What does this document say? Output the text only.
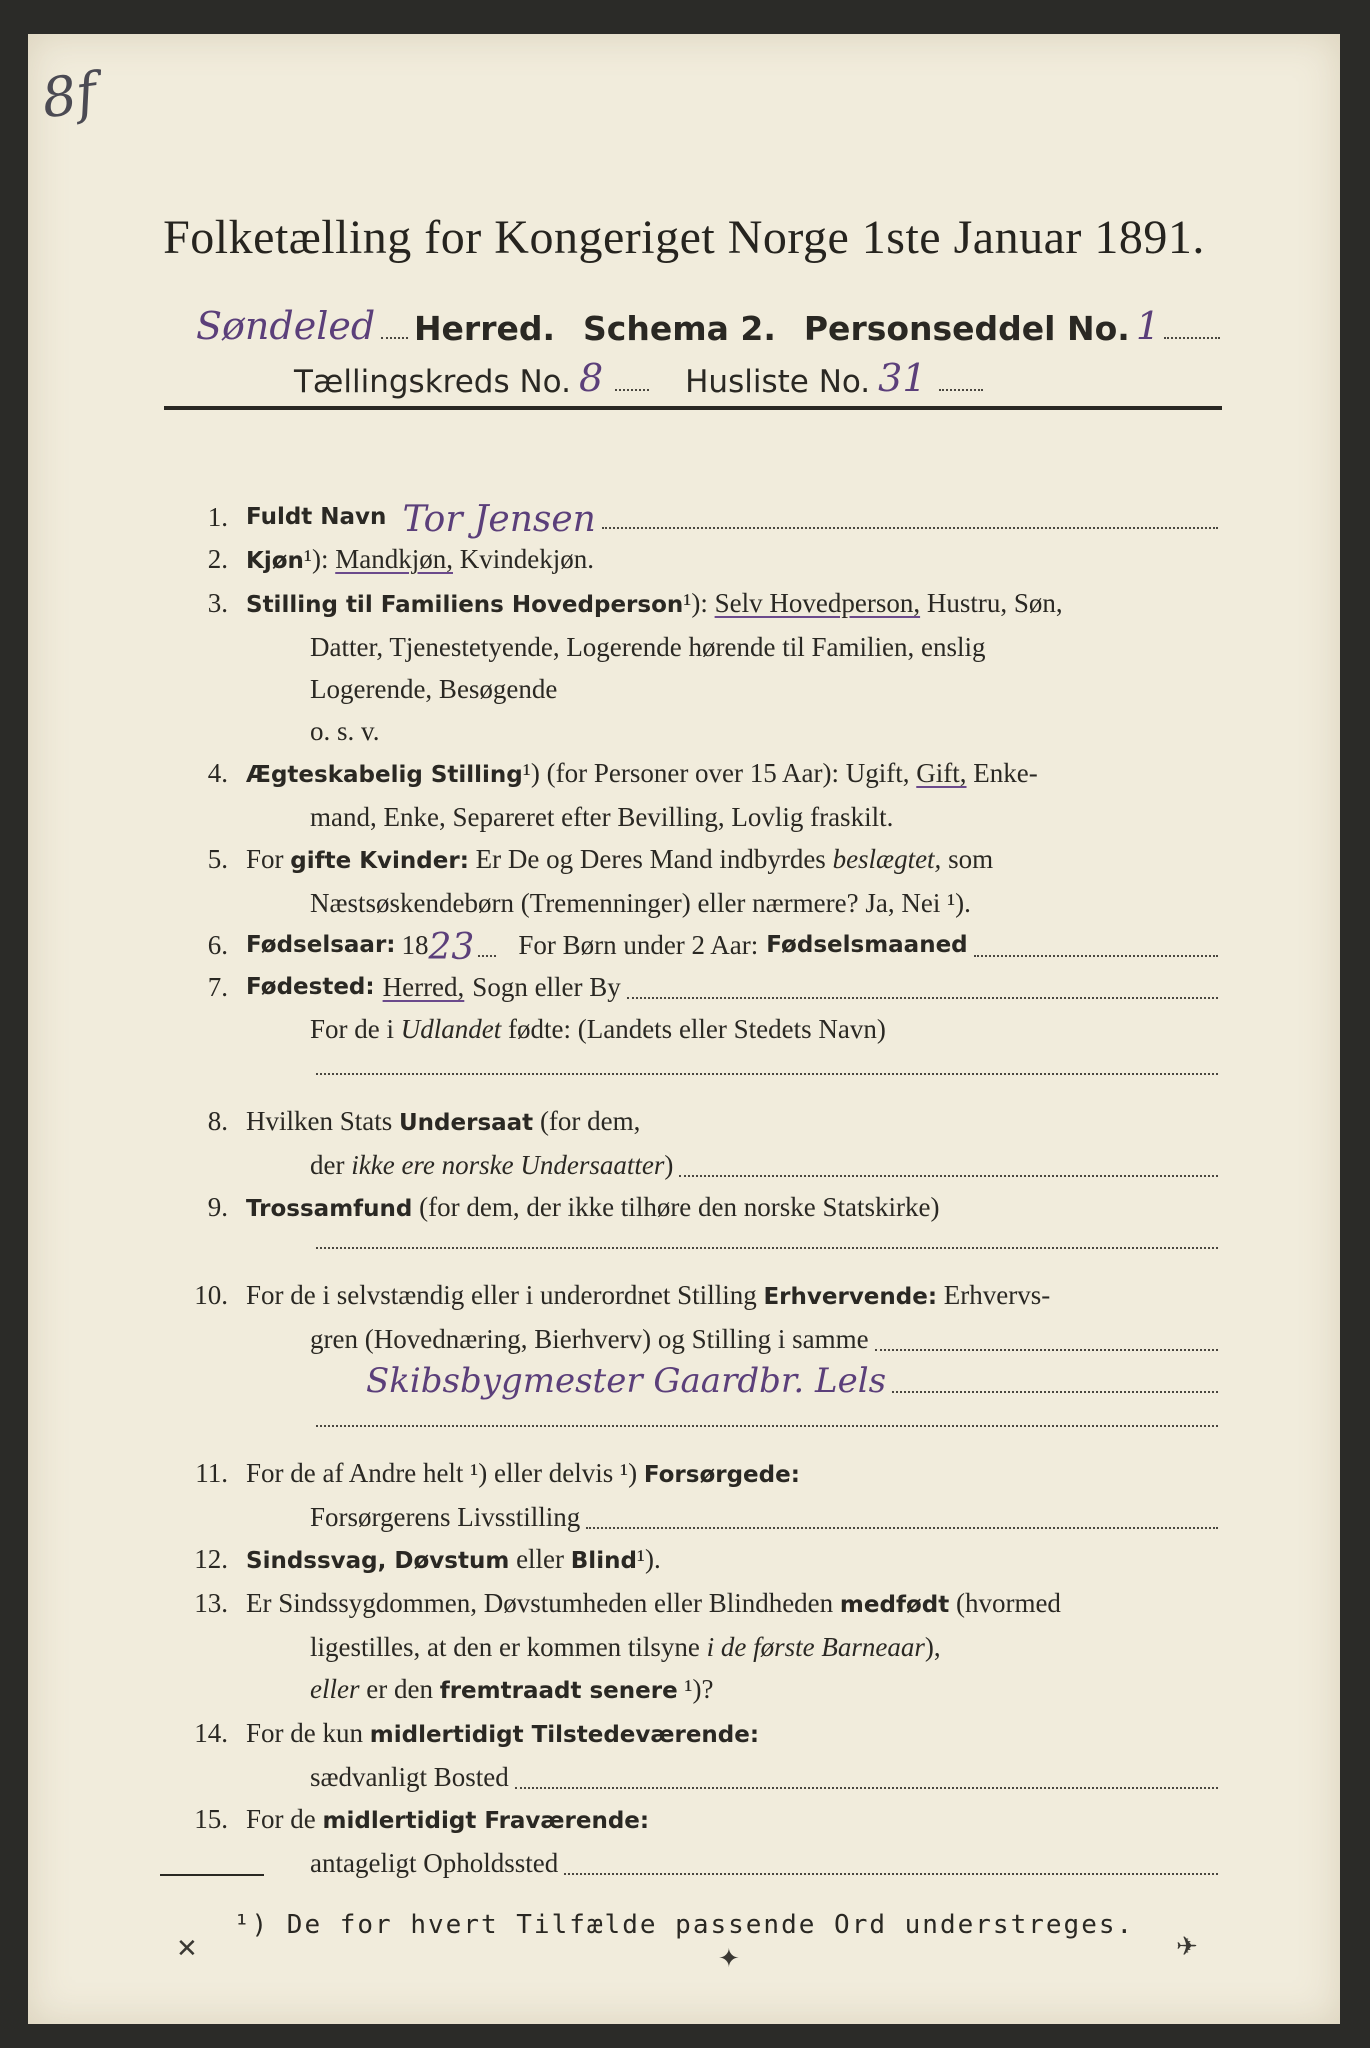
8f
Folketælling for Kongeriget Norge 1ste Januar 1891.
Søndeled Herred. Schema 2. Personseddel No. 1
Tællingskreds No. 8	Husliste No. 31
1. Fuldt Navn Tor Jensen
2. Kjøn¹): Mandkjøn, Kvindekjøn.
3. Stilling til Familiens Hovedperson¹): Selv Hovedperson, Hustru, Søn,
Datter, Tjenestetyende, Logerende hørende til Familien, enslig
Logerende, Besøgende
o. s. v.
4. Ægteskabelig Stilling¹) (for Personer over 15 Aar): Ugift, Gift, Enke-
mand, Enke, Separeret efter Bevilling, Lovlig fraskilt.
5. For gifte Kvinder: Er De og Deres Mand indbyrdes beslægtet, som
Næstsøskendebørn (Tremenninger) eller nærmere? Ja, Nei ¹).
6. Fødselsaar: 18 23 For Børn under 2 Aar: Fødselsmaaned
7. Fødested: Herred, Sogn eller By
For de i Udlandet fødte: (Landets eller Stedets Navn)
8. Hvilken Stats Undersaat (for dem,
der
ikke ere norske Undersaatter )
9. Trossamfund (for dem, der ikke tilhøre den norske Statskirke)
10. For de i selvstændig eller i underordnet Stilling Erhvervende: Erhvervs-
gren (Hovednæring, Bierhverv) og Stilling i samme
Skibsbygmester Gaardbr. Lels
11. For de af Andre helt ¹) eller delvis ¹) Forsørgede:
Forsørgerens Livsstilling
12. Sindssvag, Døvstum eller Blind¹).
13. Er Sindssygdommen, Døvstumheden eller Blindheden medfødt (hvormed
ligestilles, at den er kommen tilsyne i de første Barneaar),
eller er den fremtraadt senere ¹)?
14. For de kun midlertidigt Tilstedeværende:
sædvanligt Bosted
15. For de midlertidigt Fraværende:
antageligt Opholdssted
¹) De for hvert Tilfælde passende Ord understreges.
✕	✦	✈
